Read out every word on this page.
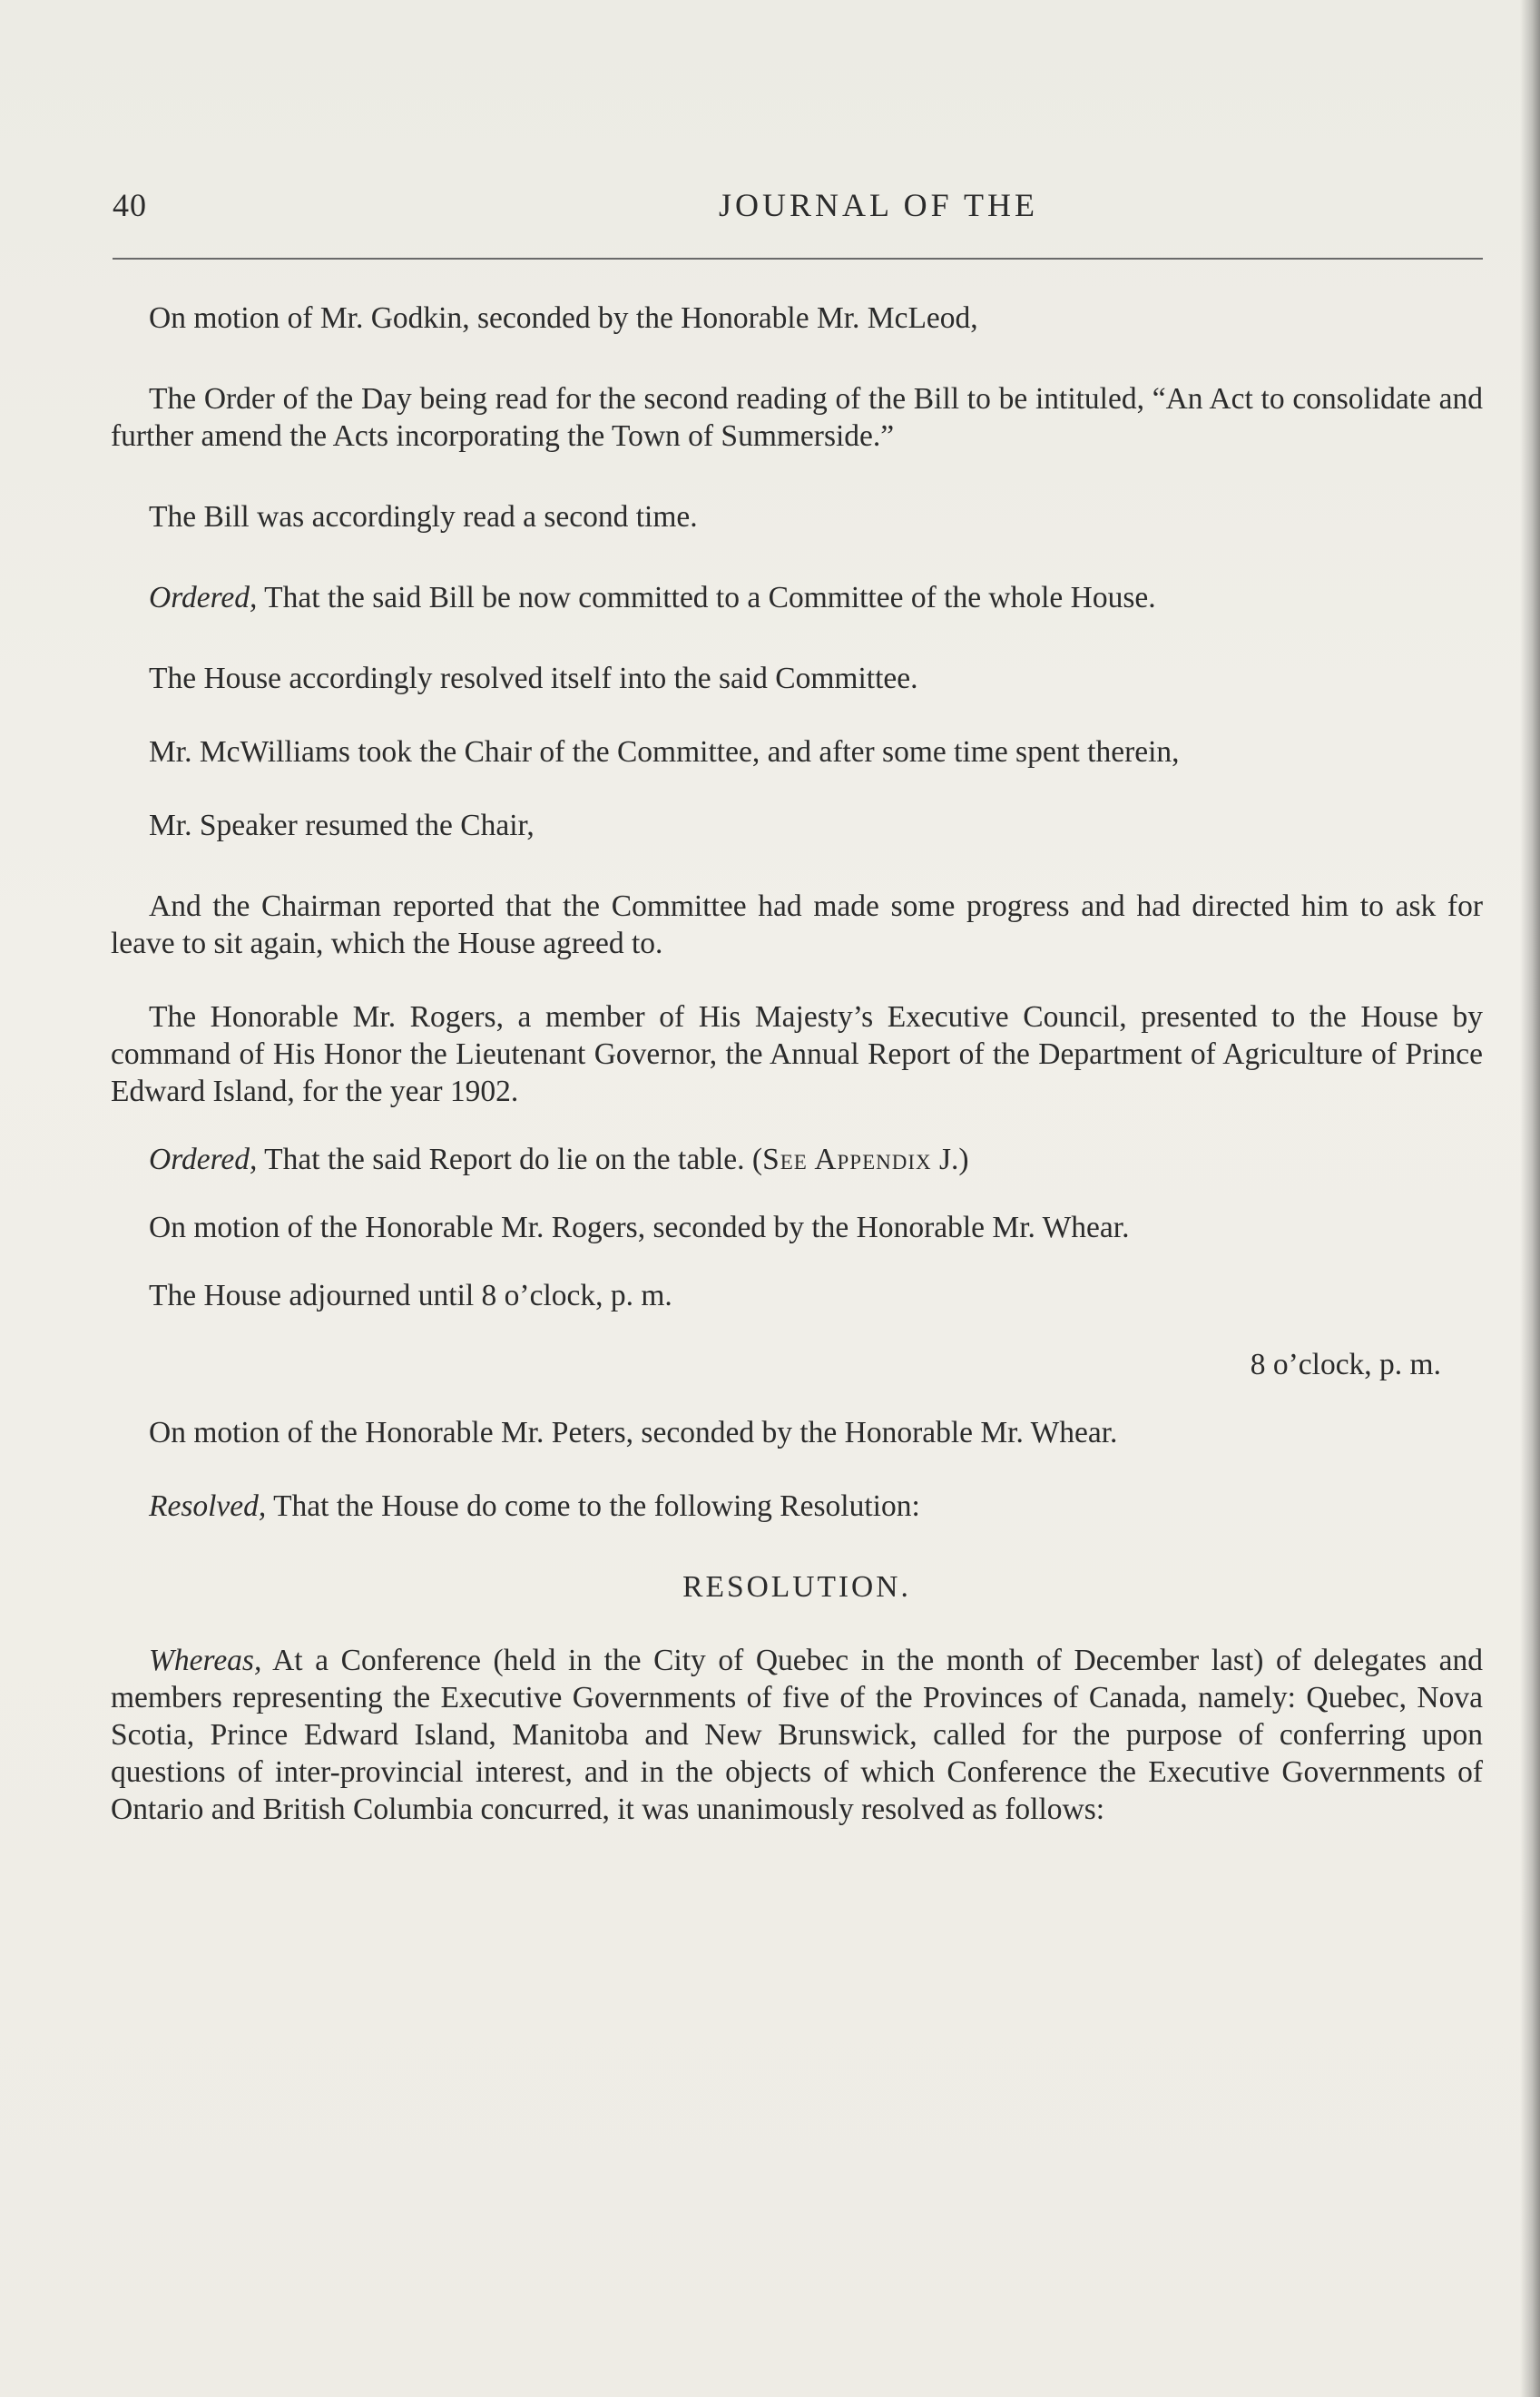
40	JOURNAL OF THE

On motion of Mr. Godkin, seconded by the Honorable Mr. McLeod,

The Order of the Day being read for the second reading of the Bill to be intituled, “An Act to consolidate and further amend the Acts incorporating the Town of Summerside.”

The Bill was accordingly read a second time.

Ordered, That the said Bill be now committed to a Committee of the whole House.

The House accordingly resolved itself into the said Committee.

Mr. McWilliams took the Chair of the Committee, and after some time spent therein,

Mr. Speaker resumed the Chair,

And the Chairman reported that the Committee had made some progress and had directed him to ask for leave to sit again, which the House agreed to.

The Honorable Mr. Rogers, a member of His Majesty’s Executive Council, presented to the House by command of His Honor the Lieutenant Governor, the Annual Report of the Department of Agriculture of Prince Edward Island, for the year 1902.

Ordered, That the said Report do lie on the table. (See Appendix J.)

On motion of the Honorable Mr. Rogers, seconded by the Honorable Mr. Whear.

The House adjourned until 8 o’clock, p. m.

8 o’clock, p. m.

On motion of the Honorable Mr. Peters, seconded by the Honorable Mr. Whear.

Resolved, That the House do come to the following Resolution:

RESOLUTION.

Whereas, At a Conference (held in the City of Quebec in the month of December last) of delegates and members representing the Executive Governments of five of the Provinces of Canada, namely: Quebec, Nova Scotia, Prince Edward Island, Manitoba and New Brunswick, called for the purpose of conferring upon questions of inter-provincial interest, and in the objects of which Conference the Executive Governments of Ontario and British Columbia concurred, it was unanimously resolved as follows:
